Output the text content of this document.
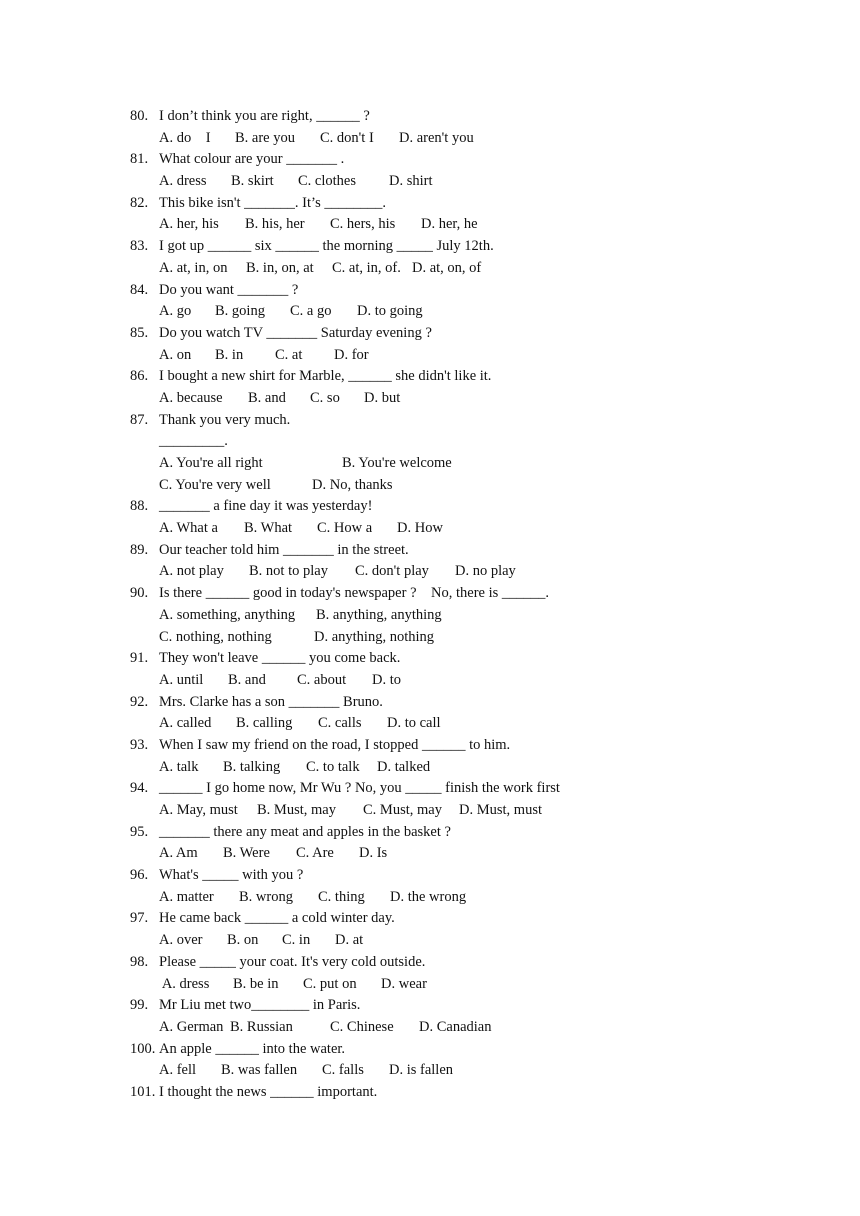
80. I don’t think you are right, ______ ?
A. do    I B. are you C. don't I D. aren't you
81. What colour are your _______ .
A. dress B. skirt C. clothes D. shirt
82. This bike isn't _______. It’s ________.
A. her, his B. his, her C. hers, his D. her, he
83. I got up ______ six ______ the morning _____ July 12th.
A. at, in, on B. in, on, at C. at, in, of. D. at, on, of
84. Do you want _______ ?
A. go B. going C. a go D. to going
85. Do you watch TV _______ Saturday evening ?
A. on B. in C. at D. for
86. I bought a new shirt for Marble, ______ she didn't like it.
A. because B. and C. so D. but
87. Thank you very much.
_________.
A. You're all right	B. You're welcome
C. You're very well	D. No, thanks
88. _______ a fine day it was yesterday!
A. What a B. What C. How a D. How
89. Our teacher told him _______ in the street.
A. not play B. not to play C. don't play D. no play
90. Is there ______ good in today's newspaper ?    No, there is ______.
A. something, anything B. anything, anything
C. nothing, nothing	D. anything, nothing
91. They won't leave ______ you come back.
A. until B. and C. about D. to
92. Mrs. Clarke has a son _______ Bruno.
A. called B. calling C. calls D. to call
93. When I saw my friend on the road, I stopped ______ to him.
A. talk B. talking C. to talk D. talked
94. ______ I go home now, Mr Wu ? No, you _____ finish the work first
A. May, must B. Must, may C. Must, may D. Must, must
95. _______ there any meat and apples in the basket ?
A. Am B. Were C. Are D. Is
96. What's _____ with you ?
A. matter B. wrong C. thing D. the wrong
97. He came back ______ a cold winter day.
A. over B. on C. in D. at
98. Please _____ your coat. It's very cold outside.
A. dress B. be in C. put on D. wear
99. Mr Liu met two________ in Paris.
A. German B. Russian	C. Chinese D. Canadian
100. An apple ______ into the water.
A. fell B. was fallen C. falls D. is fallen
101. I thought the news ______ important.
